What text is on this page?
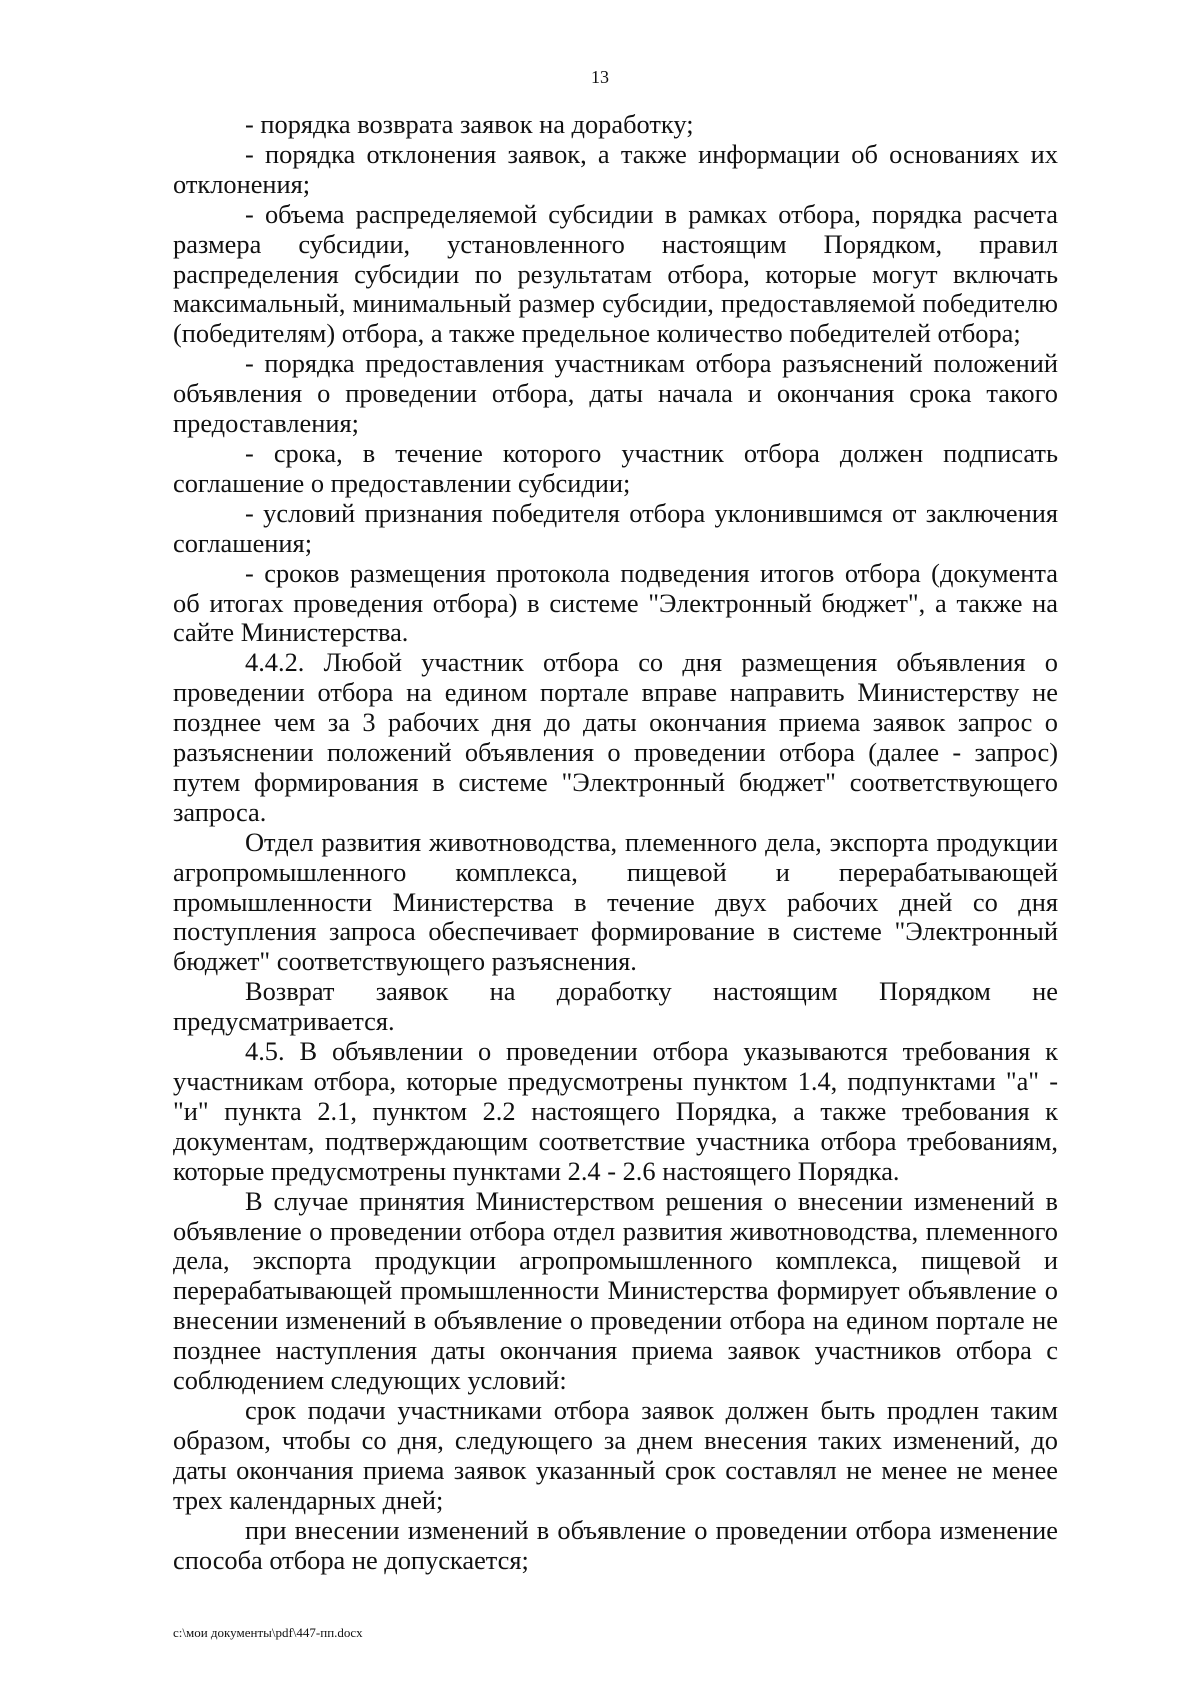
13

- порядка возврата заявок на доработку;

- порядка отклонения заявок, а также информации об основаниях их отклонения;

- объема распределяемой субсидии в рамках отбора, порядка расчета размера субсидии, установленного настоящим Порядком, правил распределения субсидии по результатам отбора, которые могут включать максимальный, минимальный размер субсидии, предоставляемой победителю (победителям) отбора, а также предельное количество победителей отбора;

- порядка предоставления участникам отбора разъяснений положений объявления о проведении отбора, даты начала и окончания срока такого предоставления;

- срока, в течение которого участник отбора должен подписать соглашение о предоставлении субсидии;

- условий признания победителя отбора уклонившимся от заключения соглашения;

- сроков размещения протокола подведения итогов отбора (документа об итогах проведения отбора) в системе "Электронный бюджет", а также на сайте Министерства.

4.4.2. Любой участник отбора со дня размещения объявления о проведении отбора на едином портале вправе направить Министерству не позднее чем за 3 рабочих дня до даты окончания приема заявок запрос о разъяснении положений объявления о проведении отбора (далее - запрос) путем формирования в системе "Электронный бюджет" соответствующего запроса.

Отдел развития животноводства, племенного дела, экспорта продукции агропромышленного комплекса, пищевой и перерабатывающей промышленности Министерства в течение двух рабочих дней со дня поступления запроса обеспечивает формирование в системе "Электронный бюджет" соответствующего разъяснения.

Возврат заявок на доработку настоящим Порядком не предусматривается.

4.5. В объявлении о проведении отбора указываются требования к участникам отбора, которые предусмотрены пунктом 1.4, подпунктами "а" - "и" пункта 2.1, пунктом 2.2 настоящего Порядка, а также требования к документам, подтверждающим соответствие участника отбора требованиям, которые предусмотрены пунктами 2.4 - 2.6 настоящего Порядка.

В случае принятия Министерством решения о внесении изменений в объявление о проведении отбора отдел развития животноводства, племенного дела, экспорта продукции агропромышленного комплекса, пищевой и перерабатывающей промышленности Министерства формирует объявление о внесении изменений в объявление о проведении отбора на едином портале не позднее наступления даты окончания приема заявок участников отбора с соблюдением следующих условий:

срок подачи участниками отбора заявок должен быть продлен таким образом, чтобы со дня, следующего за днем внесения таких изменений, до даты окончания приема заявок указанный срок составлял не менее не менее трех календарных дней;

при внесении изменений в объявление о проведении отбора изменение способа отбора не допускается;

c:\мои документы\pdf\447-пп.docx
